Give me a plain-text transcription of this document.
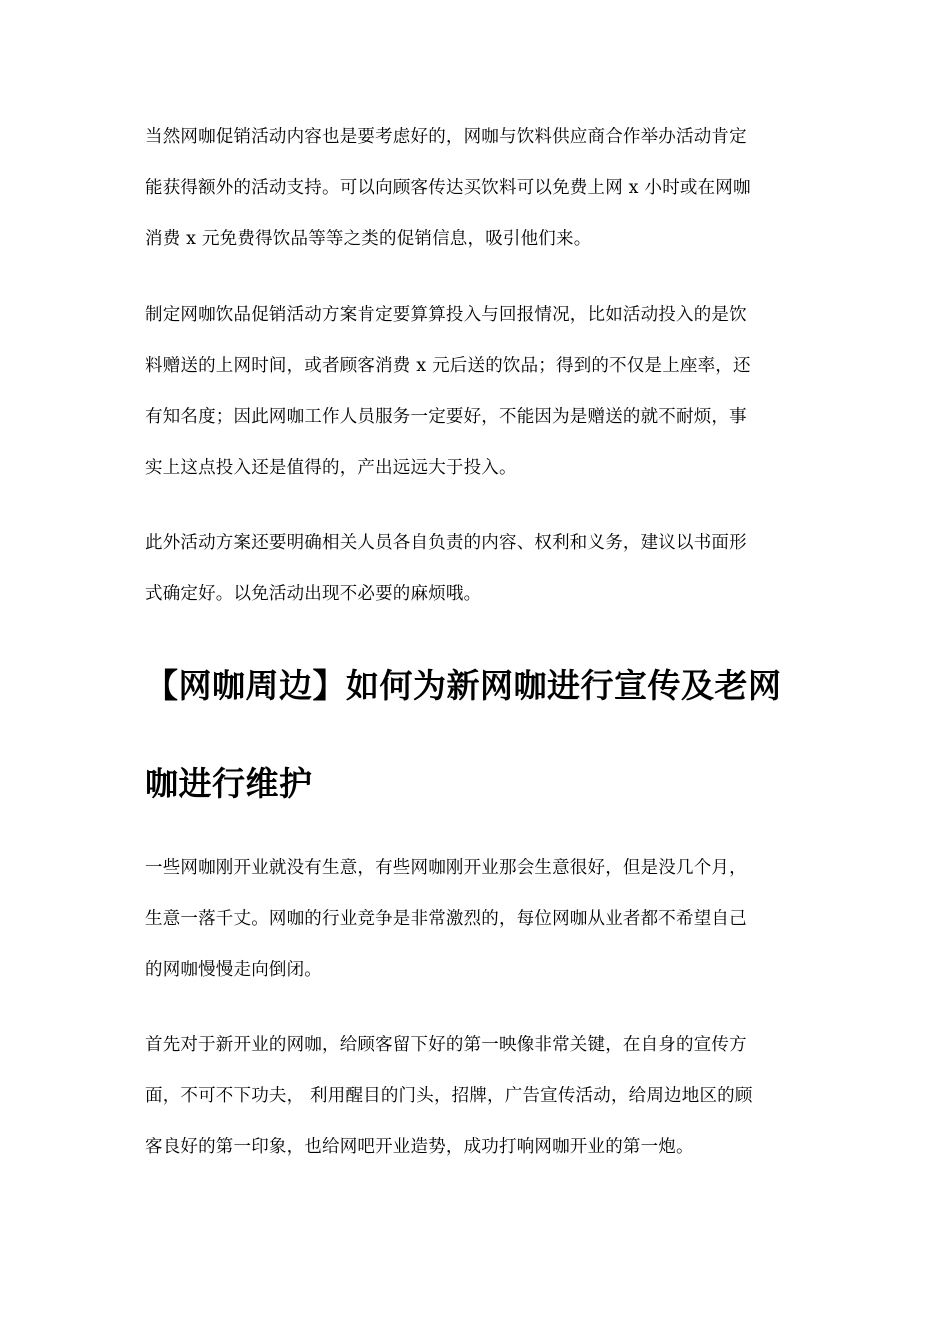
当然网咖促销活动内容也是要考虑好的，网咖与饮料供应商合作举办活动肯定
能获得额外的活动支持。可以向顾客传达买饮料可以免费上网 x 小时或在网咖
消费 x 元免费得饮品等等之类的促销信息，吸引他们来。
制定网咖饮品促销活动方案肯定要算算投入与回报情况，比如活动投入的是饮
料赠送的上网时间，或者顾客消费 x 元后送的饮品；得到的不仅是上座率，还
有知名度；因此网咖工作人员服务一定要好，不能因为是赠送的就不耐烦，事
实上这点投入还是值得的，产出远远大于投入。
此外活动方案还要明确相关人员各自负责的内容、权利和义务，建议以书面形
式确定好。以免活动出现不必要的麻烦哦。
【网咖周边】如何为新网咖进行宣传及老网
咖进行维护
一些网咖刚开业就没有生意，有些网咖刚开业那会生意很好，但是没几个月，
生意一落千丈。网咖的行业竞争是非常激烈的，每位网咖从业者都不希望自己
的网咖慢慢走向倒闭。
首先对于新开业的网咖，给顾客留下好的第一映像非常关键，在自身的宣传方
面，不可不下功夫， 利用醒目的门头，招牌，广告宣传活动，给周边地区的顾
客良好的第一印象，也给网吧开业造势，成功打响网咖开业的第一炮。
